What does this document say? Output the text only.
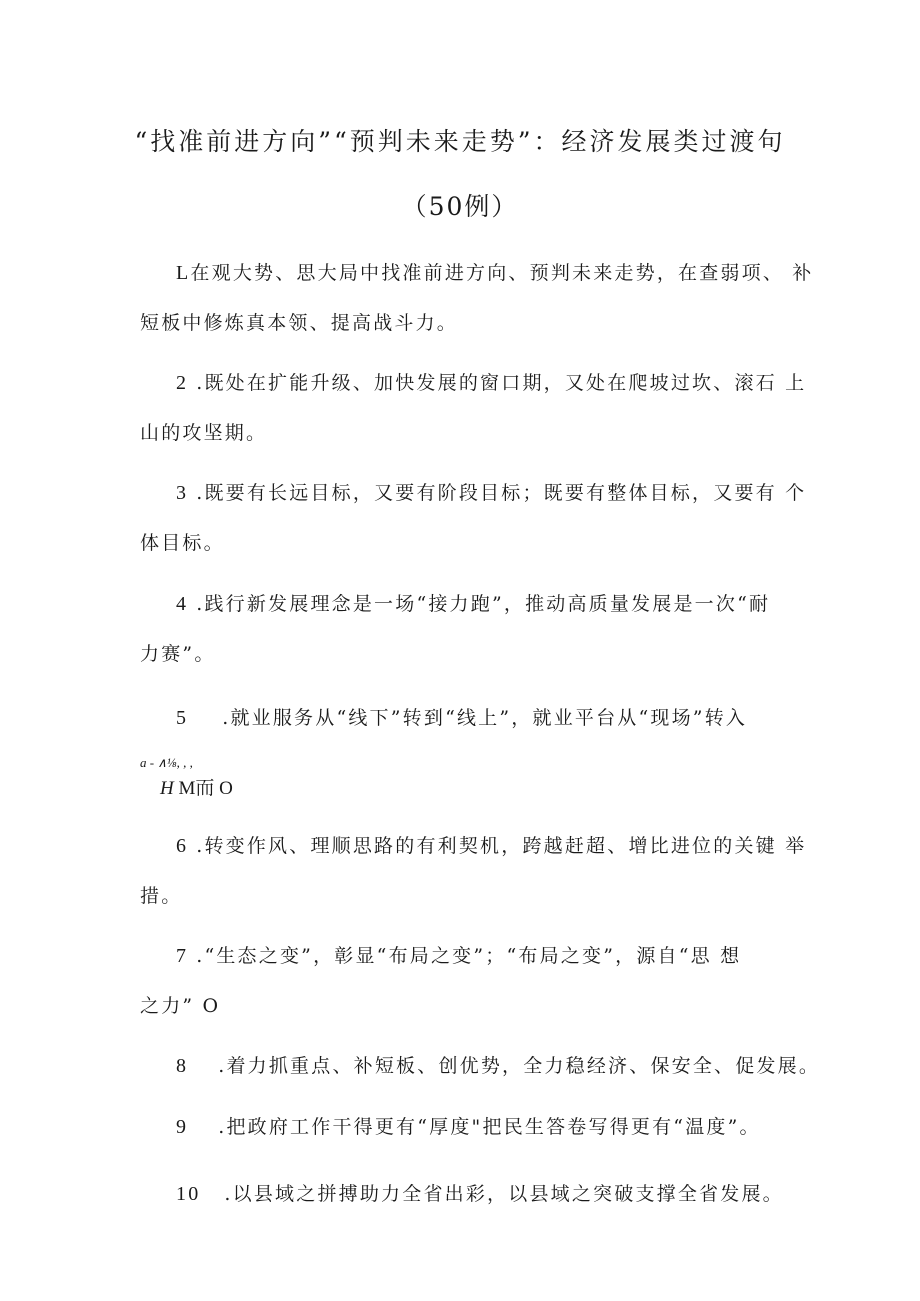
“找准前进方向”“预判未来走势”：经济发展类过渡句
（50例）
L在观大势、思大局中找准前进方向、预判未来走势，在查弱项、 补
短板中修炼真本领、提高战斗力。
2 .既处在扩能升级、加快发展的窗口期，又处在爬坡过坎、滚石 上
山的攻坚期。
3 .既要有长远目标，又要有阶段目标；既要有整体目标，又要有 个
体目标。
4 .践行新发展理念是一场“接力跑”，推动高质量发展是一次“耐
力赛”。
5 .就业服务从“线下”转到“线上”，就业平台从“现场”转入
a - ∧⅛, , ,
H M而 O
6 .转变作风、理顺思路的有利契机，跨越赶超、增比进位的关键 举
措。
7 .“生态之变”，彰显“布局之变”；“布局之变”，源自“思 想
之力” O
8 .着力抓重点、补短板、创优势，全力稳经济、保安全、促发展。
9 .把政府工作干得更有“厚度"把民生答卷写得更有“温度”。
10 .以县域之拼搏助力全省出彩，以县域之突破支撑全省发展。
